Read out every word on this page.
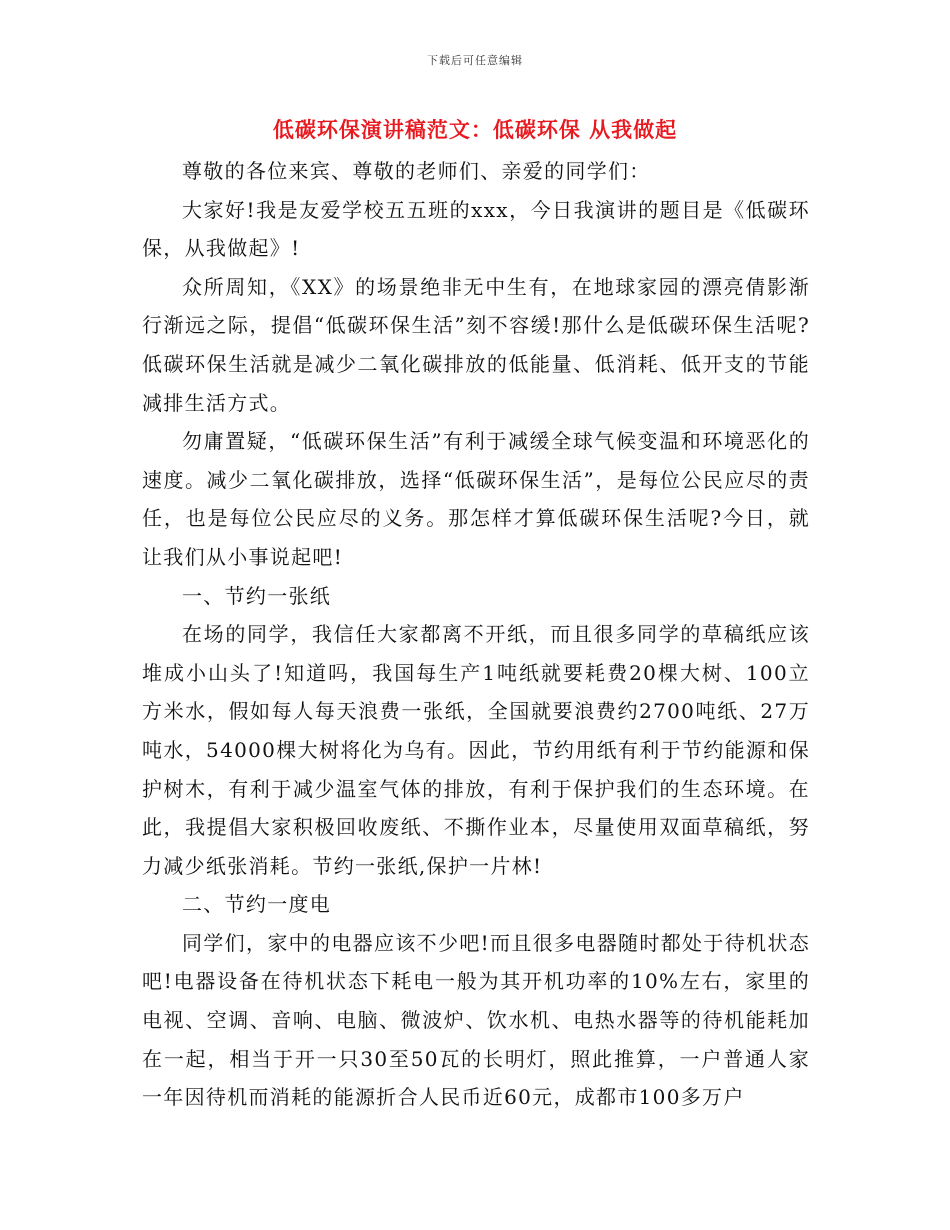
下载后可任意编辑
低碳环保演讲稿范文：低碳环保 从我做起

尊敬的各位来宾、尊敬的老师们、亲爱的同学们：

大家好!我是友爱学校五五班的xxx，今日我演讲的题目是《低碳环保，从我做起》!

众所周知，《XX》的场景绝非无中生有，在地球家园的漂亮倩影渐行渐远之际，提倡“低碳环保生活”刻不容缓!那什么是低碳环保生活呢?低碳环保生活就是减少二氧化碳排放的低能量、低消耗、低开支的节能减排生活方式。

勿庸置疑，“低碳环保生活”有利于减缓全球气候变温和环境恶化的速度。减少二氧化碳排放，选择“低碳环保生活”，是每位公民应尽的责任，也是每位公民应尽的义务。那怎样才算低碳环保生活呢?今日，就让我们从小事说起吧!

一、节约一张纸

在场的同学，我信任大家都离不开纸，而且很多同学的草稿纸应该堆成小山头了!知道吗，我国每生产1吨纸就要耗费20棵大树、100立方米水，假如每人每天浪费一张纸，全国就要浪费约2700吨纸、27万吨水，54000棵大树将化为乌有。因此，节约用纸有利于节约能源和保护树木，有利于减少温室气体的排放，有利于保护我们的生态环境。在此，我提倡大家积极回收废纸、不撕作业本，尽量使用双面草稿纸，努力减少纸张消耗。节约一张纸,保护一片林!

二、节约一度电

同学们，家中的电器应该不少吧!而且很多电器随时都处于待机状态吧!电器设备在待机状态下耗电一般为其开机功率的10%左右，家里的电视、空调、音响、电脑、微波炉、饮水机、电热水器等的待机能耗加在一起，相当于开一只30至50瓦的长明灯，照此推算，一户普通人家一年因待机而消耗的能源折合人民币近60元，成都市100多万户
